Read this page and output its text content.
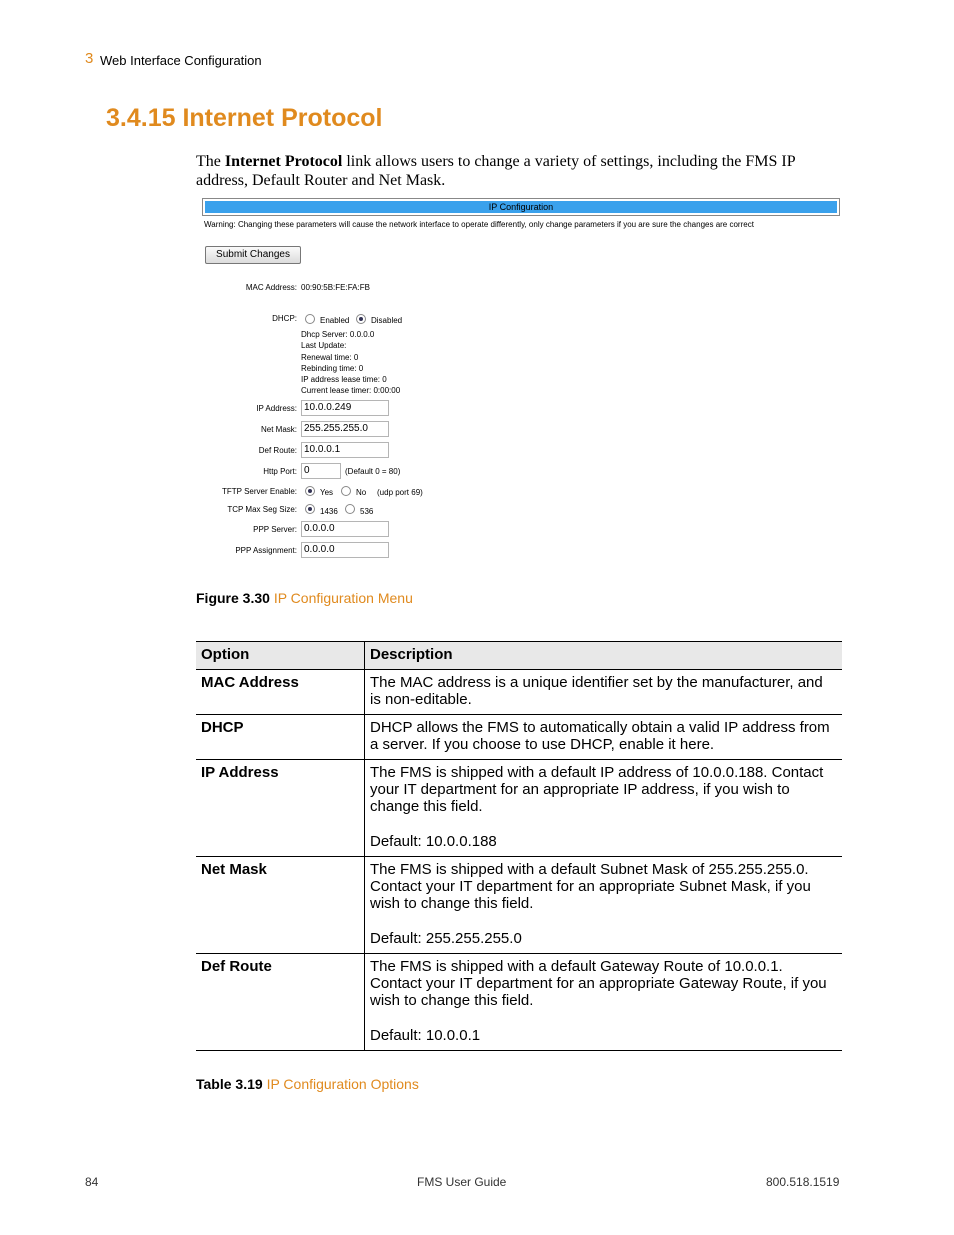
3 Web Interface Configuration
3.4.15 Internet Protocol
The Internet Protocol link allows users to change a variety of settings, including the FMS IP address, Default Router and Net Mask.
IP Configuration
Warning: Changing these parameters will cause the network interface to operate differently, only change parameters if you are sure the changes are correct
Submit Changes
MAC Address: 00:90:5B:FE:FA:FB
DHCP:	Enabled	Disabled
Dhcp Server: 0.0.0.0
Last Update:
Renewal time: 0
Rebinding time: 0
IP address lease time: 0
Current lease timer: 0:00:00
IP Address: 10.0.0.249
Net Mask: 255.255.255.0
Def Route: 10.0.0.1
Http Port: 0	(Default 0 = 80)
TFTP Server Enable:	Yes	No (udp port 69)
TCP Max Seg Size:	1436	536
PPP Server: 0.0.0.0
PPP Assignment: 0.0.0.0
Figure 3.30 IP Configuration Menu
Option	Description
MAC Address	The MAC address is a unique identifier set by the manufacturer, and is non-editable.
DHCP	DHCP allows the FMS to automatically obtain a valid IP address from a server. If you choose to use DHCP, enable it here.
IP Address	The FMS is shipped with a default IP address of 10.0.0.188. Contact your IT department for an appropriate IP address, if you wish to change this field.
Default: 10.0.0.188

Net Mask	The FMS is shipped with a default Subnet Mask of 255.255.255.0. Contact your IT department for an appropriate Subnet Mask, if you wish to change this field.
Default: 255.255.255.0

Def Route	The FMS is shipped with a default Gateway Route of 10.0.0.1. Contact your IT department for an appropriate Gateway Route, if you wish to change this field.
Default: 10.0.0.1
Table 3.19 IP Configuration Options
84	FMS User Guide	800.518.1519
